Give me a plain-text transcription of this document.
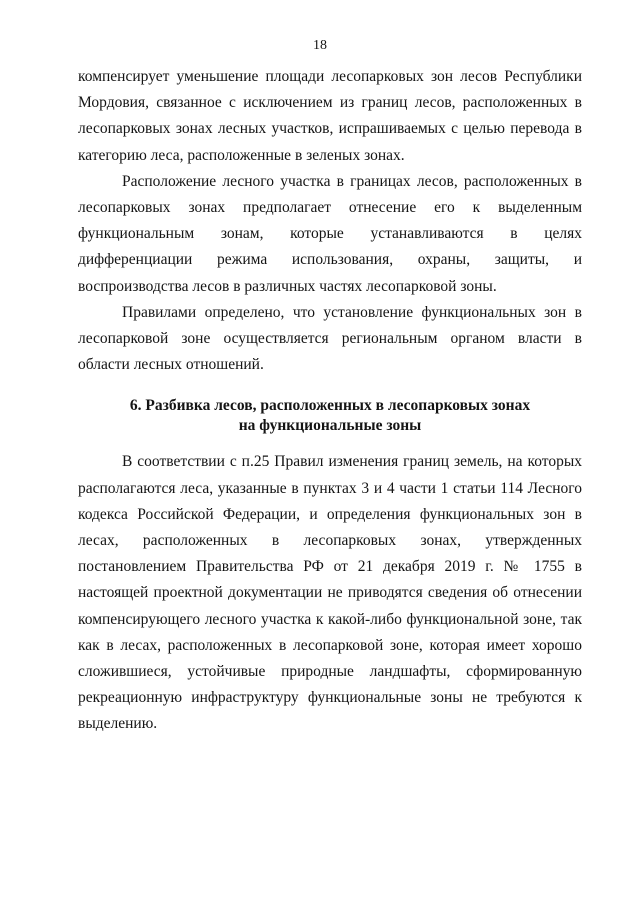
18

компенсирует уменьшение площади лесопарковых зон лесов Республики Мордовия, связанное с исключением из границ лесов, расположенных в лесопарковых зонах лесных участков, испрашиваемых с целью перевода в категорию леса, расположенные в зеленых зонах.

Расположение лесного участка в границах лесов, расположенных в лесопарковых зонах предполагает отнесение его к выделенным функциональным зонам, которые устанавливаются в целях дифференциации режима использования, охраны, защиты, и воспроизводства лесов в различных частях лесопарковой зоны.

Правилами определено, что установление функциональных зон в лесопарковой зоне осуществляется региональным органом власти в области лесных отношений.

6. Разбивка лесов, расположенных в лесопарковых зонах
на функциональные зоны

В соответствии с п.25 Правил изменения границ земель, на которых располагаются леса, указанные в пунктах 3 и 4 части 1 статьи 114 Лесного кодекса Российской Федерации, и определения функциональных зон в лесах, расположенных в лесопарковых зонах, утвержденных постановлением Правительства РФ от 21 декабря 2019 г. № 1755 в настоящей проектной документации не приводятся сведения об отнесении компенсирующего лесного участка к какой-либо функциональной зоне, так как в лесах, расположенных в лесопарковой зоне, которая имеет хорошо сложившиеся, устойчивые природные ландшафты, сформированную рекреационную инфраструктуру функциональные зоны не требуются к выделению.
